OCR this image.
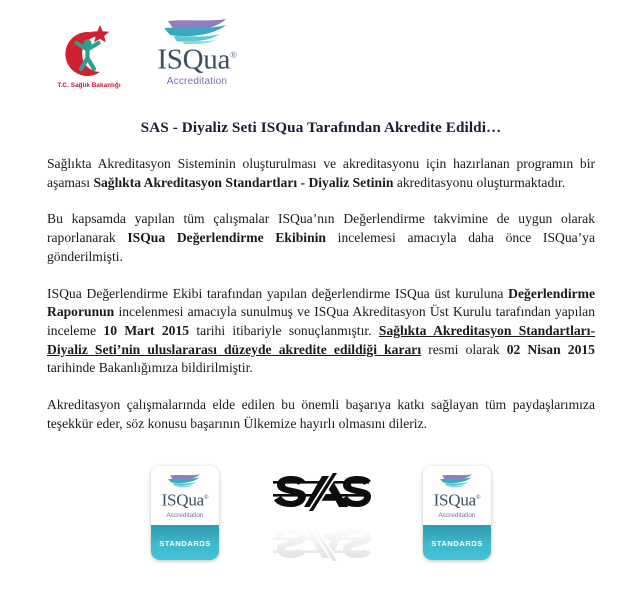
T.C. Sağlık Bakanlığı
ISQua®
Accreditation
SAS - Diyaliz Seti ISQua Tarafından Akredite Edildi…

Sağlıkta Akreditasyon Sisteminin oluşturulması ve akreditasyonu için hazırlanan programın bir aşaması Sağlıkta Akreditasyon Standartları - Diyaliz Setinin akreditasyonu oluşturmaktadır.

Bu kapsamda yapılan tüm çalışmalar ISQua’nın Değerlendirme takvimine de uygun olarak raporlanarak ISQua Değerlendirme Ekibinin incelemesi amacıyla daha önce ISQua’ya gönderilmişti.

ISQua Değerlendirme Ekibi tarafından yapılan değerlendirme ISQua üst kuruluna Değerlendirme Raporunun incelenmesi amacıyla sunulmuş ve ISQua Akreditasyon Üst Kurulu tarafından yapılan inceleme 10 Mart 2015 tarihi itibariyle sonuçlanmıştır. Sağlıkta Akreditasyon Standartları-Diyaliz Seti’nin uluslararası düzeyde akredite edildiği kararı resmi olarak 02 Nisan 2015 tarihinde Bakanlığımıza bildirilmiştir.

Akreditasyon çalışmalarında elde edilen bu önemli başarıya katkı sağlayan tüm paydaşlarımıza teşekkür eder, söz konusu başarının Ülkemize hayırlı olmasını dileriz.

ISQua®
Accreditation
STANDARDS
ISQua®
Accreditation
STANDARDS
